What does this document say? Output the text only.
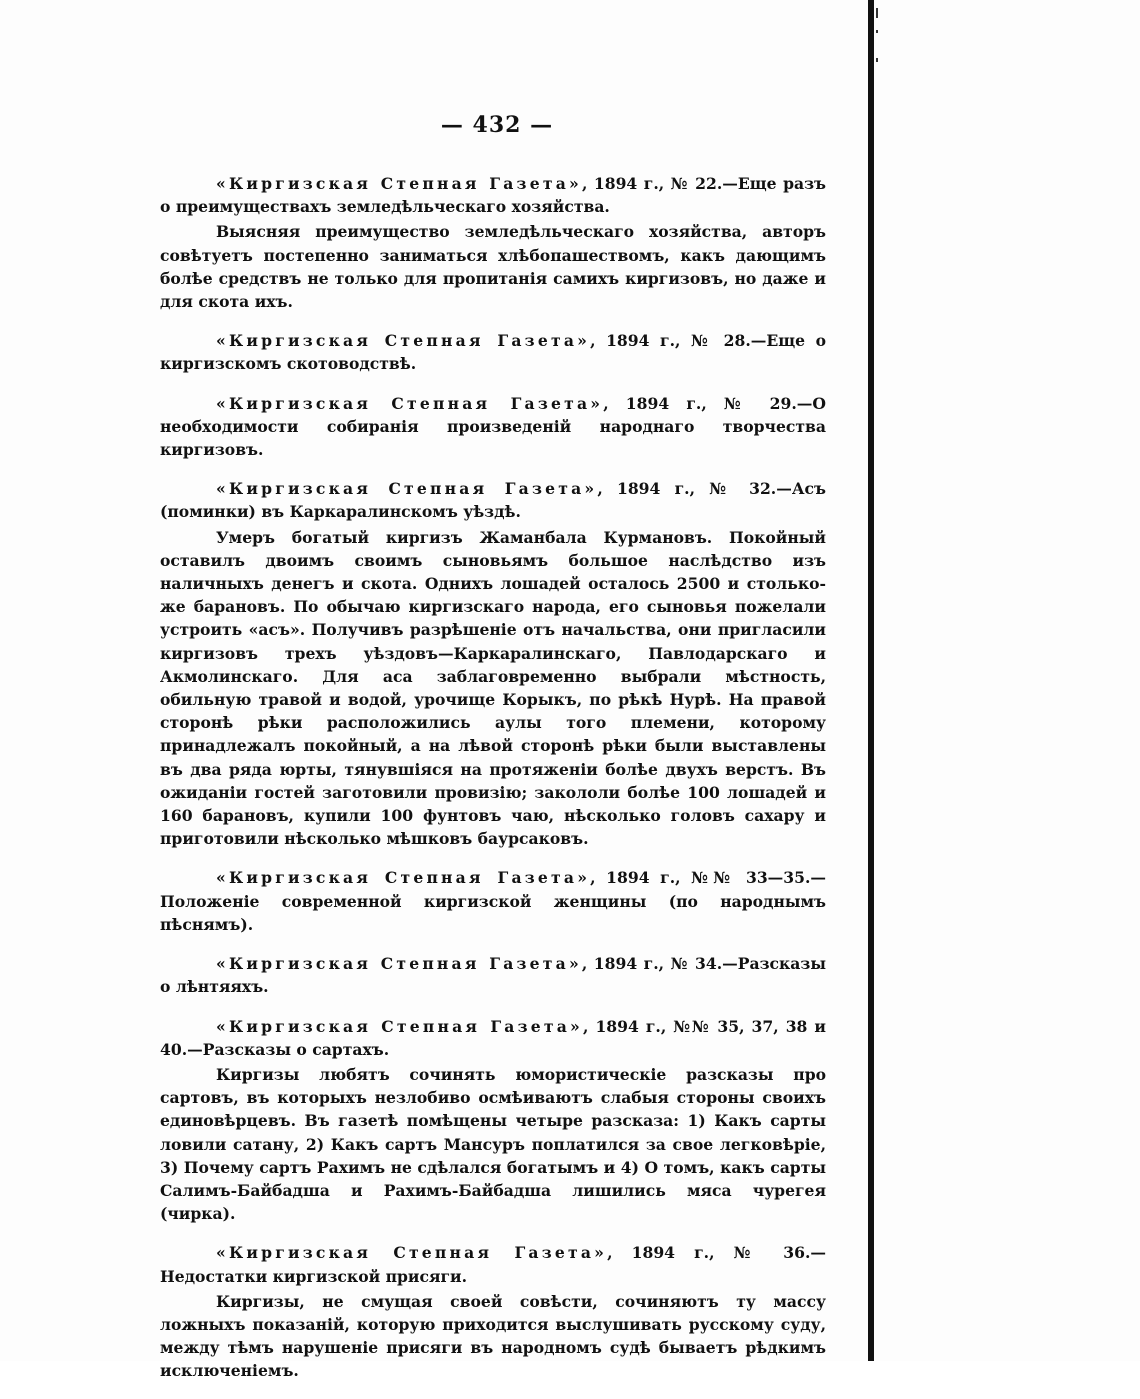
— 432 —

«Киргизская Степная Газета», 1894 г., № 22.—Еще разъ о преимуществахъ земледѣльческаго хозяйства.

Выясняя преимущество земледѣльческаго хозяйства, авторъ совѣтуетъ постепенно заниматься хлѣбопашествомъ, какъ дающимъ болѣе средствъ не только для пропитанія самихъ киргизовъ, но даже и для скота ихъ.

«Киргизская Степная Газета», 1894 г., № 28.—Еще о киргизскомъ скотоводствѣ.

«Киргизская Степная Газета», 1894 г., № 29.—О необходимости собиранія произведеній народнаго творчества киргизовъ.

«Киргизская Степная Газета», 1894 г., № 32.—Асъ (поминки) въ Каркаралинскомъ уѣздѣ.

Умеръ богатый киргизъ Жаманбала Курмановъ. Покойный оставилъ двоимъ своимъ сыновьямъ большое наслѣдство изъ наличныхъ денегъ и скота. Однихъ лошадей осталось 2500 и столько-же барановъ. По обычаю киргизскаго народа, его сыновья пожелали устроить «асъ». Получивъ разрѣшеніе отъ начальства, они пригласили киргизовъ трехъ уѣздовъ—Каркаралинскаго, Павлодарскаго и Акмолинскаго. Для аса заблаговременно выбрали мѣстность, обильную травой и водой, урочище Корыкъ, по рѣкѣ Нурѣ. На правой сторонѣ рѣки расположились аулы того племени, которому принадлежалъ покойный, а на лѣвой сторонѣ рѣки были выставлены въ два ряда юрты, тянувшіяся на протяженіи болѣе двухъ верстъ. Въ ожиданіи гостей заготовили провизію; закололи болѣе 100 лошадей и 160 барановъ, купили 100 фунтовъ чаю, нѣсколько головъ сахару и приготовили нѣсколько мѣшковъ баурсаковъ.

«Киргизская Степная Газета», 1894 г., №№ 33—35.—Положеніе современной киргизской женщины (по народнымъ пѣснямъ).

«Киргизская Степная Газета», 1894 г., № 34.—Разсказы о лѣнтяяхъ.

«Киргизская Степная Газета», 1894 г., №№ 35, 37, 38 и 40.—Разсказы о сартахъ.

Киргизы любятъ сочинять юмористическіе разсказы про сартовъ, въ которыхъ незлобиво осмѣиваютъ слабыя стороны своихъ единовѣрцевъ. Въ газетѣ помѣщены четыре разсказа: 1) Какъ сарты ловили сатану, 2) Какъ сартъ Мансуръ поплатился за свое легковѣріе, 3) Почему сартъ Рахимъ не сдѣлался богатымъ и 4) О томъ, какъ сарты Салимъ-Байбадша и Рахимъ-Байбадша лишились мяса чурегея (чирка).

«Киргизская Степная Газета», 1894 г., № 36.—Недостатки киргизской присяги.

Киргизы, не смущая своей совѣсти, сочиняютъ ту массу ложныхъ показаній, которую приходится выслушивать русскому суду, между тѣмъ нарушеніе присяги въ народномъ судѣ бываетъ рѣдкимъ исключеніемъ.
